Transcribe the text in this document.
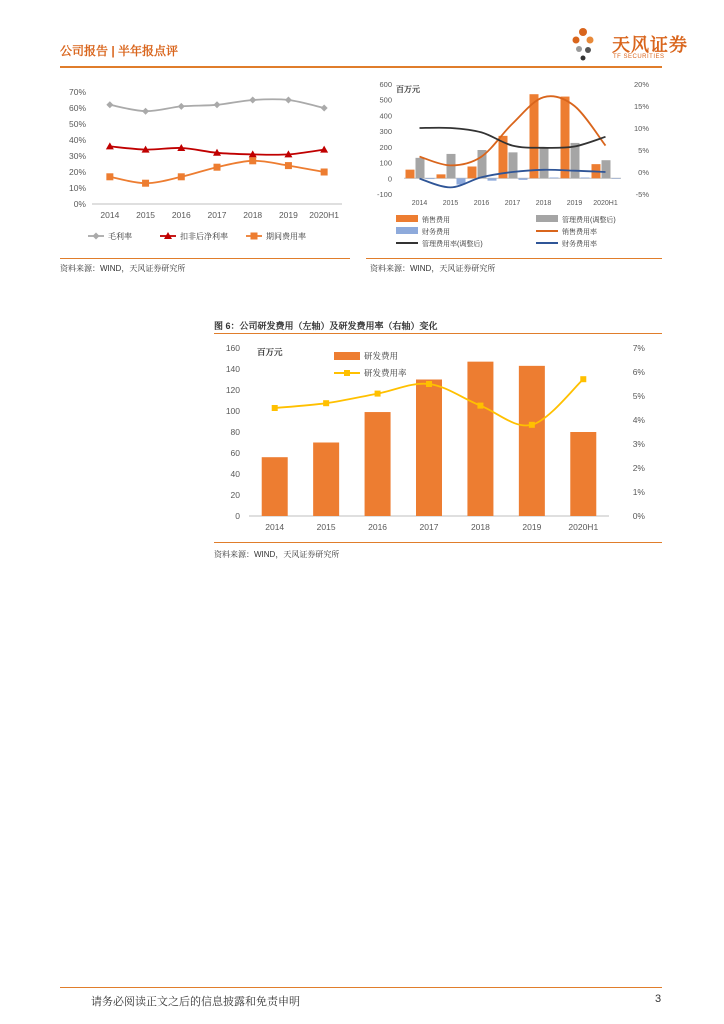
公司报告 | 半年报点评	天风证券
TF SECURITIES
0%
10%
20%
30%
40%
50%
60%
70%
2014 2015 2016 2017 2018 2019 2020H1
毛利率	扣非后净利率	期间费用率
资料来源：WIND，天风证券研究所
-100
0
100
200
300
400
500
600
-5%
0%
5%
10%
15%
20%
百万元
2014 2015 2016 2017 2018 2019 2020H1
销售费用	管理费用(调整后)
财务费用	销售费用率
管理费用率(调整后)	财务费用率
资料来源：WIND，天风证券研究所
图 6：公司研发费用（左轴）及研发费用率（右轴）变化
0
20
40
60
80
100
120
140
160
0%
1%
2%
3%
4%
5%
6%
7%
百万元
2014	2015	2016	2017	2018	2019	2020H1
研发费用
研发费用率
资料来源：WIND，天风证券研究所
请务必阅读正文之后的信息披露和免责申明	3
